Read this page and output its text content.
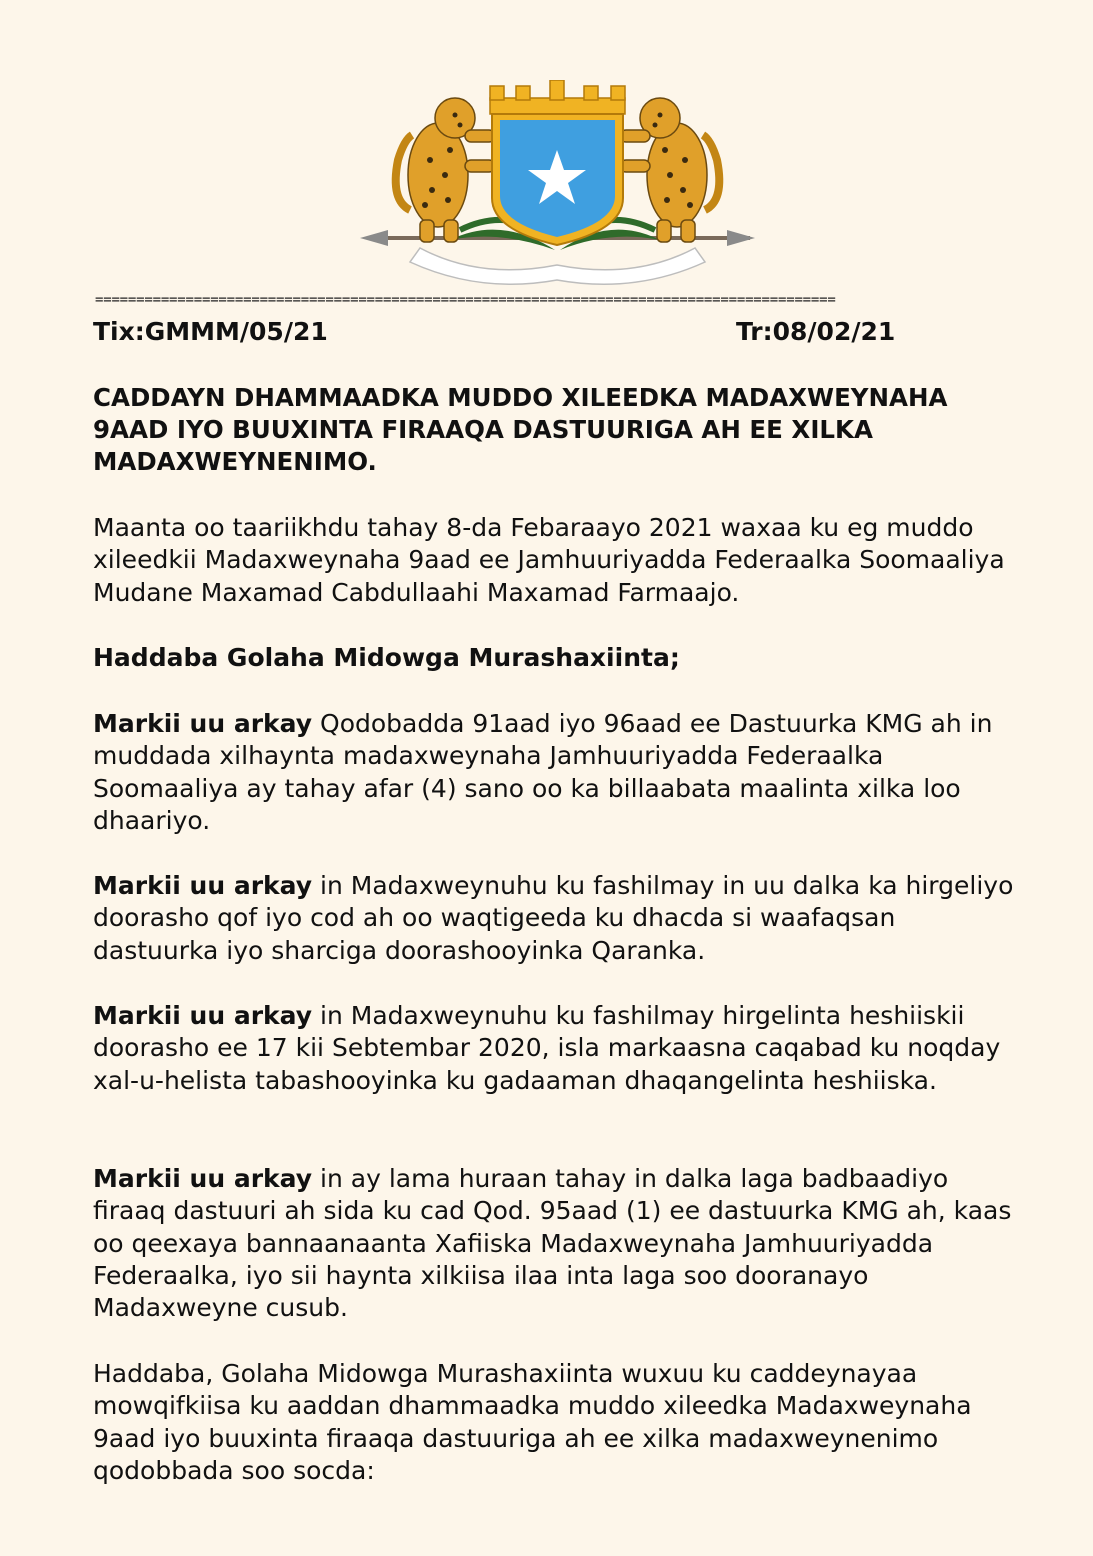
==========================================================================================
Tix:GMMM/05/21	Tr:08/02/21
CADDAYN DHAMMAADKA MUDDO XILEEDKA MADAXWEYNAHA 9AAD IYO BUUXINTA FIRAAQA DASTUURIGA AH EE XILKA MADAXWEYNENIMO.

Maanta oo taariikhdu tahay 8-da Febaraayo 2021 waxaa ku eg muddo xileedkii Madaxweynaha 9aad ee Jamhuuriyadda Federaalka Soomaaliya Mudane Maxamad Cabdullaahi Maxamad Farmaajo.

Haddaba Golaha Midowga Murashaxiinta;

Markii uu arkay Qodobadda 91aad iyo 96aad ee Dastuurka KMG ah in muddada xilhaynta madaxweynaha Jamhuuriyadda Federaalka Soomaaliya ay tahay afar (4) sano oo ka billaabata maalinta xilka loo dhaariyo.

Markii uu arkay in Madaxweynuhu ku fashilmay in uu dalka ka hirgeliyo doorasho qof iyo cod ah oo waqtigeeda ku dhacda si waafaqsan dastuurka iyo sharciga doorashooyinka Qaranka.

Markii uu arkay in Madaxweynuhu ku fashilmay hirgelinta heshiiskii doorasho ee 17 kii Sebtembar 2020, isla markaasna caqabad ku noqday xal-u-helista tabashooyinka ku gadaaman dhaqangelinta heshiiska.

Markii uu arkay in ay lama huraan tahay in dalka laga badbaadiyo firaaq dastuuri ah sida ku cad Qod. 95aad (1) ee dastuurka KMG ah, kaas oo qeexaya bannaanaanta Xafiiska Madaxweynaha Jamhuuriyadda Federaalka, iyo sii haynta xilkiisa ilaa inta laga soo dooranayo Madaxweyne cusub.

Haddaba, Golaha Midowga Murashaxiinta wuxuu ku caddeynayaa mowqifkiisa ku aaddan dhammaadka muddo xileedka Madaxweynaha 9aad iyo buuxinta firaaqa dastuuriga ah ee xilka madaxweynenimo qodobbada soo socda:
